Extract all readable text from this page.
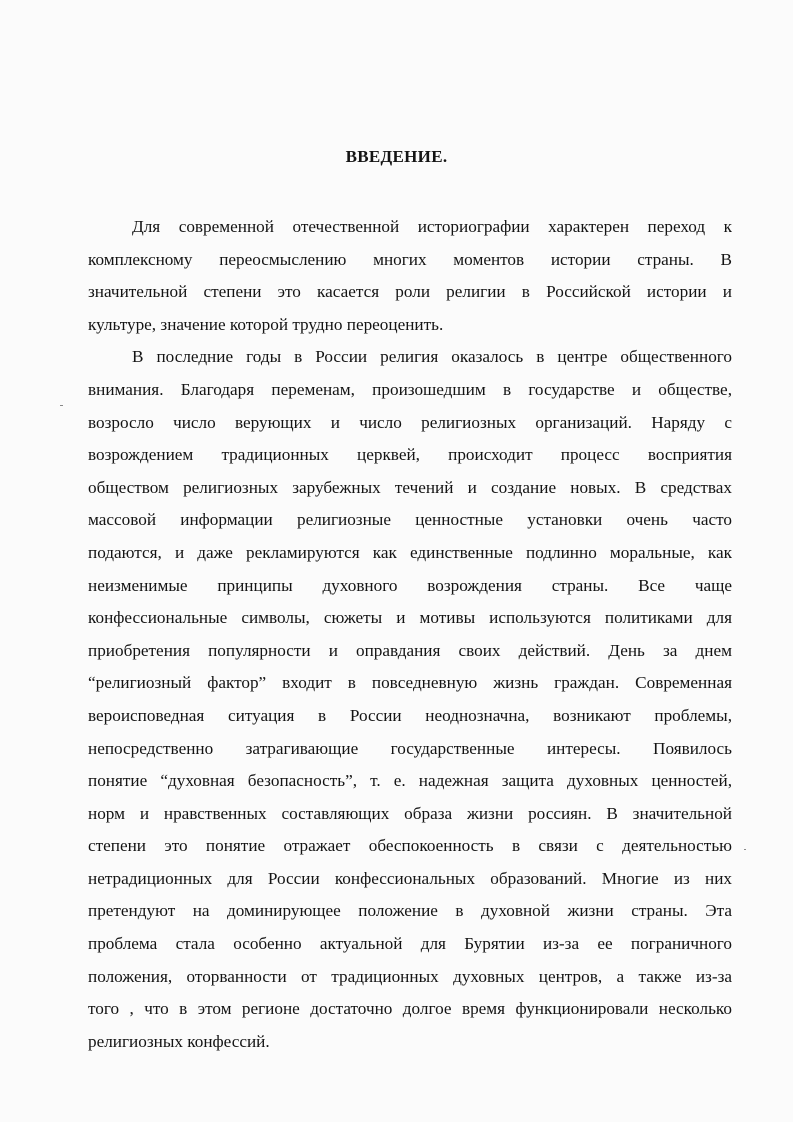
ВВЕДЕНИЕ.

Для современной отечественной историографии характерен переход к
комплексному переосмыслению многих моментов истории страны. В
значительной степени это касается роли религии в Российской истории и
культуре, значение которой трудно переоценить.

В последние годы в России религия оказалось в центре общественного
внимания. Благодаря переменам, произошедшим в государстве и обществе,
возросло число верующих и число религиозных организаций. Наряду с
возрождением традиционных церквей, происходит процесс восприятия
обществом религиозных зарубежных течений и создание новых. В средствах
массовой информации религиозные ценностные установки очень часто
подаются, и даже рекламируются как единственные подлинно моральные, как
неизменимые принципы духовного возрождения страны. Все чаще
конфессиональные символы, сюжеты и мотивы используются политиками для
приобретения популярности и оправдания своих действий. День за днем
“религиозный фактор” входит в повседневную жизнь граждан. Современная
вероисповедная ситуация в России неоднозначна, возникают проблемы,
непосредственно затрагивающие государственные интересы. Появилось
понятие “духовная безопасность”, т. е. надежная защита духовных ценностей,
норм и нравственных составляющих образа жизни россиян. В значительной
степени это понятие отражает обеспокоенность в связи с деятельностью
нетрадиционных для России конфессиональных образований. Многие из них
претендуют на доминирующее положение в духовной жизни страны. Эта
проблема стала особенно актуальной для Бурятии из-за ее пограничного
положения, оторванности от традиционных духовных центров, а также из-за
того , что в этом регионе достаточно долгое время функционировали несколько
религиозных конфессий.
